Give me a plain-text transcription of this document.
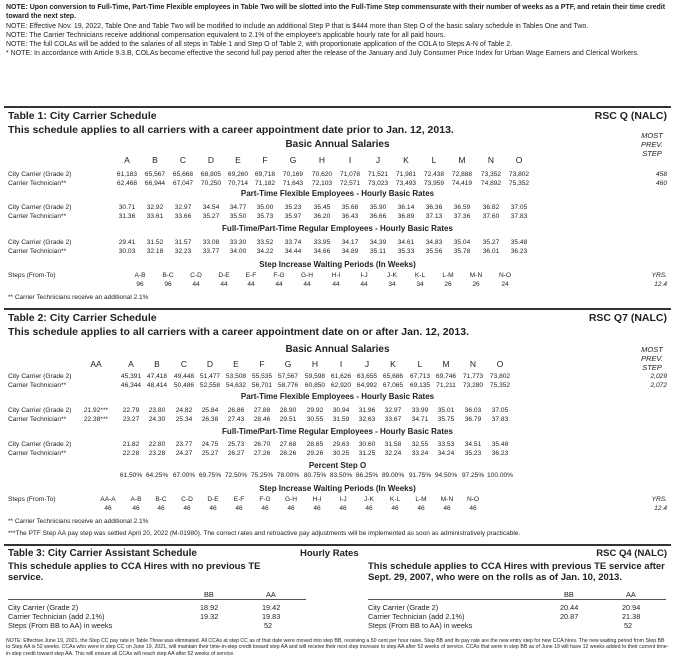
NOTE: Upon conversion to Full-Time, Part-Time Flexible employees in Table Two will be slotted into the Full-Time Step commensurate with their number of weeks as a PTF, and retain their time credit toward the next step.

NOTE: Effective Nov. 19, 2022, Table One and Table Two will be modified to include an additional Step P that is $444 more than Step O of the basic salary schedule in Tables One and Two.

NOTE: The Carrier Technicians receive additional compensation equivalent to 2.1% of the employee's applicable hourly rate for all paid hours.

NOTE: The full COLAs will be added to the salaries of all steps in Table 1 and Step O of Table 2, with proportionate application of the COLA to Steps A-N of Table 2.

* NOTE: In accordance with Article 9.3.B, COLAs become effective the second full pay period after the release of the January and July Consumer Price Index for Urban Wage Earners and Clerical Workers.

Table 1: City Carrier Schedule	RSC Q (NALC)
This schedule applies to all carriers with a career appointment date prior to Jan. 12, 2013.	MOST PREV. STEP
Basic Annual Salaries
A	B	C	D	E	F	G	H	I	J	K	L	M	N	O
City Carrier (Grade 2)	61,183	65,567	65,668	68,805	69,260	69,718	70,169	70,620	71,078	71,521	71,981	72,438	72,888	73,352	73,802	458
Carrier Technician**	62,468	66,944	67,047	70,250	70,714	71,182	71,643	72,103	72,571	73,023	73,493	73,959	74,419	74,892	75,352	460
Part-Time Flexible Employees - Hourly Basic Rates
City Carrier (Grade 2)	30.71	32.92	32.97	34.54	34.77	35.00	35.23	35.45	35.68	35.90	36.14	36.36	36.59	36.82	37.05
Carrier Technician**	31.36	33.61	33.66	35.27	35.50	35.73	35.97	36.20	36.43	36.66	36.89	37.13	37.36	37.60	37.83
Full-Time/Part-Time Regular Employees - Hourly Basic Rates
City Carrier (Grade 2)	29.41	31.52	31.57	33.08	33.30	33.52	33.74	33.95	34.17	34.39	34.61	34.83	35.04	35.27	35.48
Carrier Technician**	30.03	32.18	32.23	33.77	34.00	34.22	34.44	34.66	34.89	35.11	35.33	35.56	35.78	36.01	36.23
Step Increase Waiting Periods (In Weeks)
Steps (From-To)	A-B	B-C	C-D	D-E	E-F	F-G	G-H	H-I	I-J	J-K	K-L	L-M	M-N	N-O	YRS.
96	96	44	44	44	44	44	44	44	34	34	26	26	24	12.4
** Carrier Technicians receive an additional 2.1%
Table 2: City Carrier Schedule	RSC Q7 (NALC)
This schedule applies to all carriers with a career appointment date on or after Jan. 12, 2013.
MOST PREV. STEP
Basic Annual Salaries
AA	A	B	C	D	E	F	G	H	I	J	K	L	M	N	O
City Carrier (Grade 2)	45,391 47,418	49,448 51,477 53,508 55,535 57,567	59,598 61,626 63,655 65,686	67,713 69,746	71,773	73,802	2,029
Carrier Technician**	46,344 48,414	50,486 52,558 54,632 56,701 58,776	60,850 62,920 64,992 67,065	69,135 71,211	73,280	75,352	2,072
Part-Time Flexible Employees - Hourly Basic Rates
City Carrier (Grade 2)	21.92***	22.79	23.80	24.82	25.84	26.86	27.88	28.90	29.92	30.94	31.96	32.97	33.99	35.01	36.03	37.05
Carrier Technician**	22.38***	23.27	24.30	25.34	26.38	27.43	28.46	29.51	30.55	31.59	32.63	33.67	34.71	35.75	36.79	37.83
Full-Time/Part-Time Regular Employees - Hourly Basic Rates
City Carrier (Grade 2)	21.82	22.80	23.77	24.75	25.73	26.70	27.68	28.65	29.63	30.60	31.58	32.55	33.53	34.51	35.48
Carrier Technician**	22.28	23.28	24.27	25.27	26.27	27.26	28.26	29.26	30.25	31.25	32.24	33.24	34.24	35.23	36.23
Percent Step O
61.50% 64.25% 67.00% 69.75% 72.50% 75.25% 78.00% 80.75% 83.50% 86.25% 89.00% 91.75% 94.50% 97.25% 100.00%
Step Increase Waiting Periods (In Weeks)
Steps (From-To)	AA-A	A-B	B-C	C-D	D-E	E-F	F-G	G-H	H-I	I-J	J-K	K-L	L-M	M-N	N-O	YRS.
46	46	46	46	46	46	46	46	46	46	46	46	46	46	46	12.4
** Carrier Technicians receive an additional 2.1%
***The PTF Step AA pay step was settled April 20, 2022 (M-01980). The correct rates and retroactive pay adjustments will be implemented as soon as administratively practicable.
Table 3: City Carrier Assistant Schedule	Hourly Rates	RSC Q4 (NALC)
This schedule applies to CCA Hires with no previous TE service.
This schedule applies to CCA Hires with previous TE service after Sept. 29, 2007, who were on the rolls as of Jan. 10, 2013.
BB	AA
City Carrier (Grade 2)	18.92	19.42
Carrier Technician (add 2.1%)	19.32	19.83
Steps (From BB to AA) in weeks	52
BB	AA
City Carrier (Grade 2)	20.44	20.94
Carrier Technician (add 2.1%)	20.87	21.38
Steps (From BB to AA) in weeks	52
NOTE: Effective June 19, 2021, the Step CC pay rate in Table Three was eliminated. All CCAs at step CC as of that date were moved into step BB, receiving a 50 cent per hour raise. Step BB and its pay rate are the new entry step for new CCA hires. The new waiting period from Step BB to Step AA is 52 weeks. CCAs who were in step CC on June 19, 2021, will maintain their time-in-step credit toward step AA and will receive their next step increase to step AA after 52 weeks of service. CCAs that were in step BB as of June 19 will have 12 weeks added to their current time-in-step credit toward step AA. This will ensure all CCAs will reach step AA after 52 weeks of service.
